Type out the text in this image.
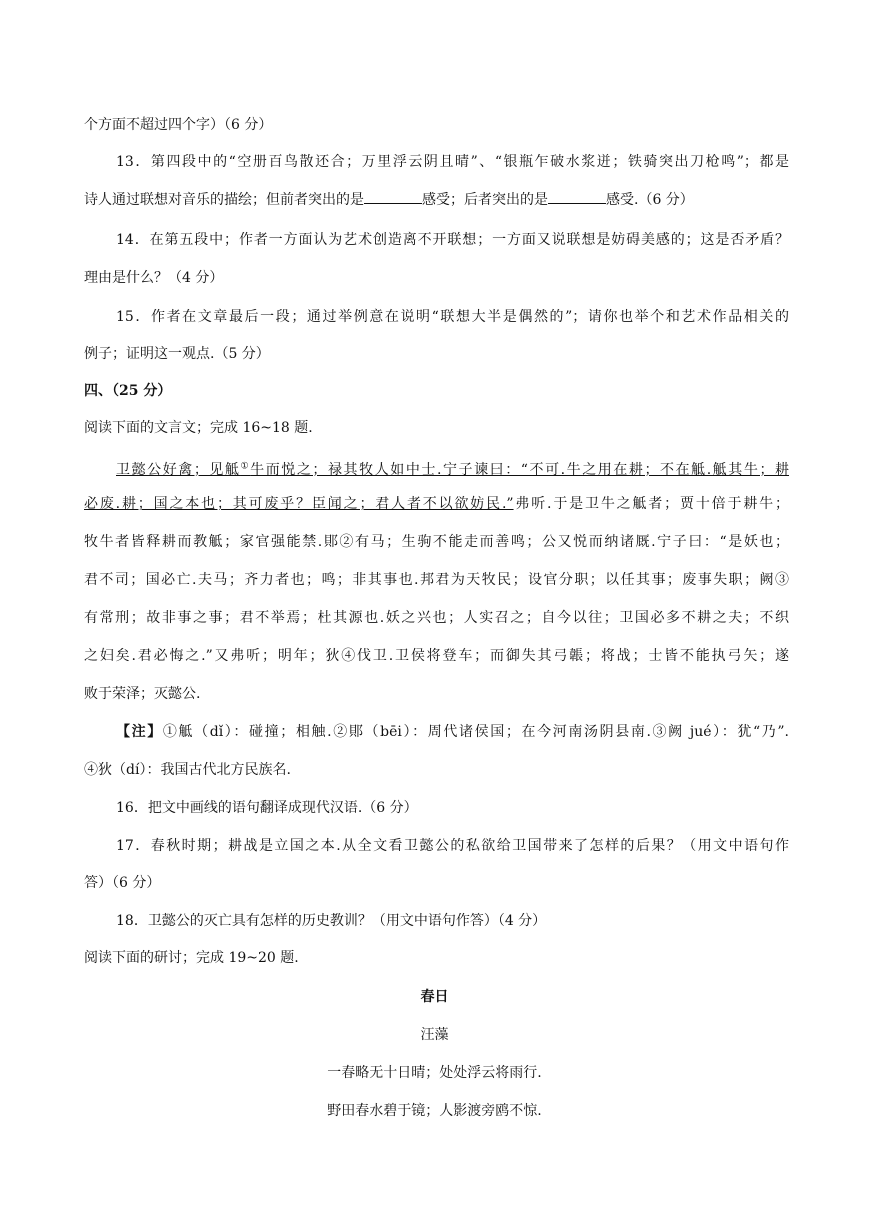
个方面不超过四个字）（6 分）
13．第四段中的“空册百鸟散还合；万里浮云阴且晴”、“银瓶乍破水浆迸；铁骑突出刀枪鸣”；都是
诗人通过联想对音乐的描绘；但前者突出的是	感受；后者突出的是	感受.（6 分）
14．在第五段中；作者一方面认为艺术创造离不开联想；一方面又说联想是妨碍美感的；这是否矛盾？
理由是什么？（4 分）
15．作者在文章最后一段；通过举例意在说明“联想大半是偶然的”；请你也举个和艺术作品相关的
例子；证明这一观点.（5 分）
四、（25 分）
阅读下面的文言文；完成 16~18 题.
卫懿公好禽；见觝①牛而悦之；禄其牧人如中士.宁子谏曰：“不可.牛之用在耕；不在觝.觝其牛；耕
必废.耕；国之本也；其可废乎？臣闻之；君人者不以欲妨民.”弗听.于是卫牛之觝者；贾十倍于耕牛；
牧牛者皆释耕而教觝；家官强能禁.郥②有马；生驹不能走而善鸣；公又悦而纳诸厩.宁子曰：“是妖也；
君不司；国必亡.夫马；齐力者也；鸣；非其事也.邦君为天牧民；设官分职；以任其事；废事失职；阙③
有常刑；故非事之事；君不举焉；杜其源也.妖之兴也；人实召之；自今以往；卫国必多不耕之夫；不织
之妇矣.君必悔之.”又弗听；明年；狄④伐卫.卫侯将登车；而御失其弓韔；将战；士皆不能执弓矢；遂
败于荣泽；灭懿公.
【注】①觝（dǐ）：碰撞；相触.②郥（bēi）：周代诸侯国；在今河南汤阴县南.③阙 jué）：犹“乃”.
④狄（dí）：我国古代北方民族名.
16．把文中画线的语句翻译成现代汉语.（6 分）
17．春秋时期；耕战是立国之本.从全文看卫懿公的私欲给卫国带来了怎样的后果？（用文中语句作
答）（6 分）
18．卫懿公的灭亡具有怎样的历史教训？（用文中语句作答）（4 分）
阅读下面的研讨；完成 19~20 题.
春日
汪藻
一春略无十日晴；处处浮云将雨行.
野田春水碧于镜；人影渡旁鸥不惊.
